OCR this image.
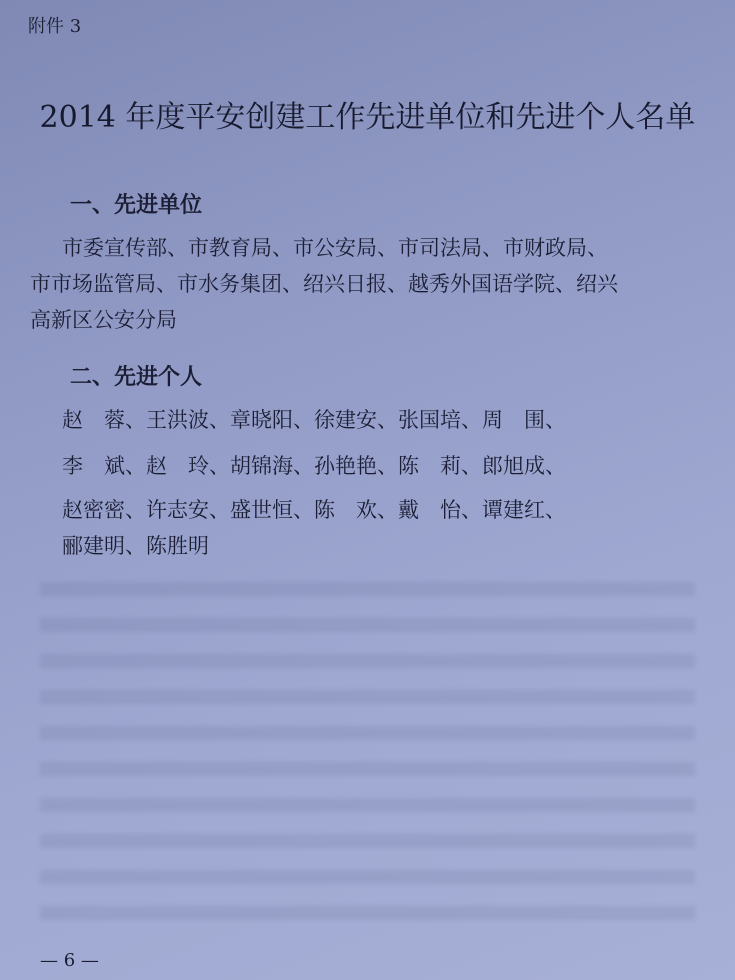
附件 3
2014 年度平安创建工作先进单位和先进个人名单
一、先进单位
市委宣传部、市教育局、市公安局、市司法局、市财政局、
市市场监管局、市水务集团、绍兴日报、越秀外国语学院、绍兴
高新区公安分局
二、先进个人
赵　蓉、王洪波、章晓阳、徐建安、张国培、周　围、
李　斌、赵　玲、胡锦海、孙艳艳、陈　莉、郎旭成、
赵密密、许志安、盛世恒、陈　欢、戴　怡、谭建红、
郦建明、陈胜明
— 6 —
